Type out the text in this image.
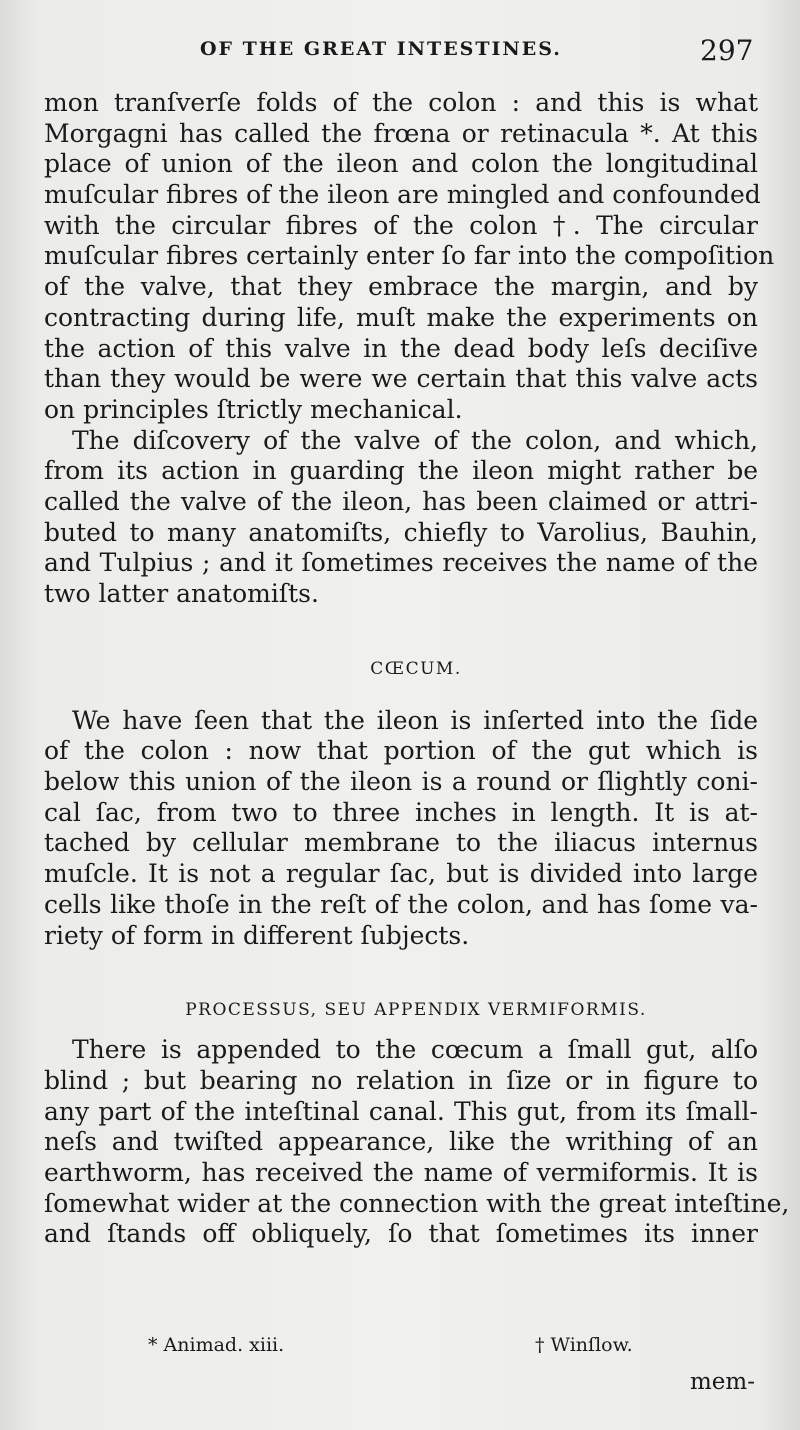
OF THE GREAT INTESTINES.	297
mon tranſverſe folds of the colon : and this is what
Morgagni has called the frœna or retinacula *. At this
place of union of the ileon and colon the longitudinal
muſcular fibres of the ileon are mingled and confounded
with the circular fibres of the colon †. The circular
muſcular fibres certainly enter ſo far into the compoſition
of the valve, that they embrace the margin, and by
contracting during life, muſt make the experiments on
the action of this valve in the dead body leſs deciſive
than they would be were we certain that this valve acts
on principles ſtrictly mechanical.
The diſcovery of the valve of the colon, and which,
from its action in guarding the ileon might rather be
called the valve of the ileon, has been claimed or attri-
buted to many anatomiſts, chiefly to Varolius, Bauhin,
and Tulpius ; and it ſometimes receives the name of the
two latter anatomiſts.
CŒCUM.
We have ſeen that the ileon is inſerted into the ſide
of the colon : now that portion of the gut which is
below this union of the ileon is a round or ſlightly coni-
cal ſac, from two to three inches in length. It is at-
tached by cellular membrane to the iliacus internus
muſcle. It is not a regular ſac, but is divided into large
cells like thoſe in the reſt of the colon, and has ſome va-
riety of form in different ſubjects.
PROCESSUS, SEU APPENDIX VERMIFORMIS.
There is appended to the cœcum a ſmall gut, alſo
blind ; but bearing no relation in ſize or in figure to
any part of the inteſtinal canal. This gut, from its ſmall-
neſs and twiſted appearance, like the writhing of an
earthworm, has received the name of vermiformis. It is
ſomewhat wider at the connection with the great inteſtine,
and ſtands off obliquely, ſo that ſometimes its inner
* Animad. xiii.	† Winſlow.
mem-
